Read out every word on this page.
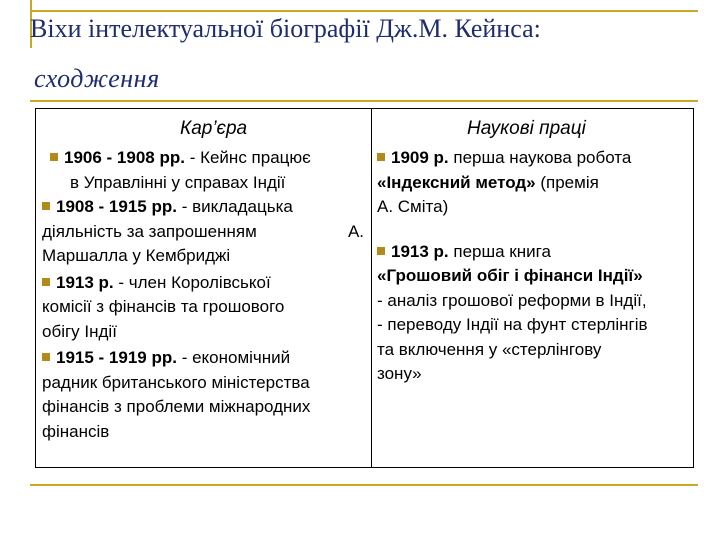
Віхи інтелектуальної біографії Дж.М. Кейнса:
сходження
Кар’єра
1906 - 1908 рр. - Кейнс працює
в Управлінні у справах Індії
1908 - 1915 рр. - викладацька
діяльність за запрошенням	А.
Маршалла у Кембриджі
1913 р. - член Королівської
комісії з фінансів та грошового
обігу Індії
1915 - 1919 рр. - економічний
радник британського міністерства
фінансів з проблеми міжнародних
фінансів
Наукові праці
1909 р. перша наукова робота
«Індексний метод» (премія
А. Сміта)
1913 р. перша книга
«Грошовий обіг і фінанси Індії»
- аналіз грошової реформи в Індії,
- переводу Індії на фунт стерлінгів
та включення у «стерлінгову
зону»
